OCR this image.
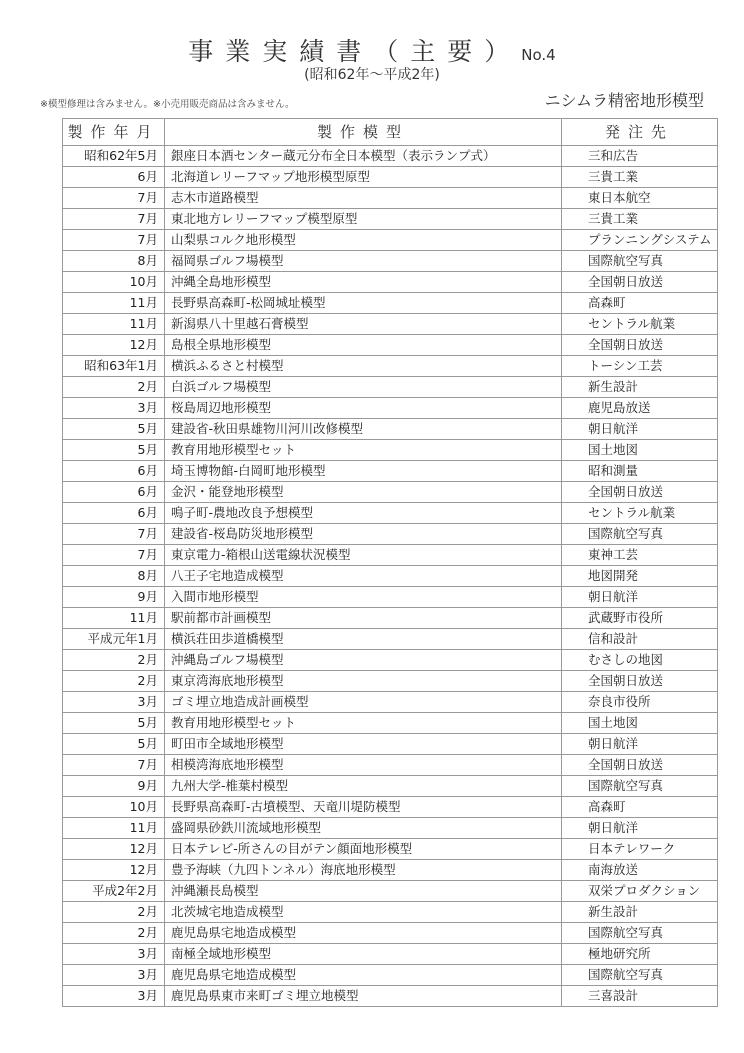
事業実績書（主要）No.4
(昭和62年～平成2年)
※模型修理は含みません。※小売用販売商品は含みません。	ニシムラ精密地形模型
製作年月	製作模型	発注先
昭和62年5月	銀座日本酒センター蔵元分布全日本模型（表示ランプ式）	三和広告
6月	北海道レリーフマップ地形模型原型	三貴工業
7月	志木市道路模型	東日本航空
7月	東北地方レリーフマップ模型原型	三貴工業
7月	山梨県コルク地形模型	プランニングシステム
8月	福岡県ゴルフ場模型	国際航空写真
10月	沖縄全島地形模型	全国朝日放送
11月	長野県高森町-松岡城址模型	高森町
11月	新潟県八十里越石膏模型	セントラル航業
12月	島根全県地形模型	全国朝日放送
昭和63年1月	横浜ふるさと村模型	トーシン工芸
2月	白浜ゴルフ場模型	新生設計
3月	桜島周辺地形模型	鹿児島放送
5月	建設省-秋田県雄物川河川改修模型	朝日航洋
5月	教育用地形模型セット	国土地図
6月	埼玉博物館-白岡町地形模型	昭和測量
6月	金沢・能登地形模型	全国朝日放送
6月	鳴子町-農地改良予想模型	セントラル航業
7月	建設省-桜島防災地形模型	国際航空写真
7月	東京電力-箱根山送電線状況模型	東神工芸
8月	八王子宅地造成模型	地図開発
9月	入間市地形模型	朝日航洋
11月	駅前都市計画模型	武蔵野市役所
平成元年1月	横浜荘田歩道橋模型	信和設計
2月	沖縄島ゴルフ場模型	むさしの地図
2月	東京湾海底地形模型	全国朝日放送
3月	ゴミ埋立地造成計画模型	奈良市役所
5月	教育用地形模型セット	国土地図
5月	町田市全域地形模型	朝日航洋
7月	相模湾海底地形模型	全国朝日放送
9月	九州大学-椎葉村模型	国際航空写真
10月	長野県高森町-古墳模型、天竜川堤防模型	高森町
11月	盛岡県砂鉄川流域地形模型	朝日航洋
12月	日本テレビ-所さんの目がテン顔面地形模型	日本テレワーク
12月	豊予海峡（九四トンネル）海底地形模型	南海放送
平成2年2月	沖縄瀬長島模型	双栄プロダクション
2月	北茨城宅地造成模型	新生設計
2月	鹿児島県宅地造成模型	国際航空写真
3月	南極全域地形模型	極地研究所
3月	鹿児島県宅地造成模型	国際航空写真
3月	鹿児島県東市来町ゴミ埋立地模型	三喜設計
